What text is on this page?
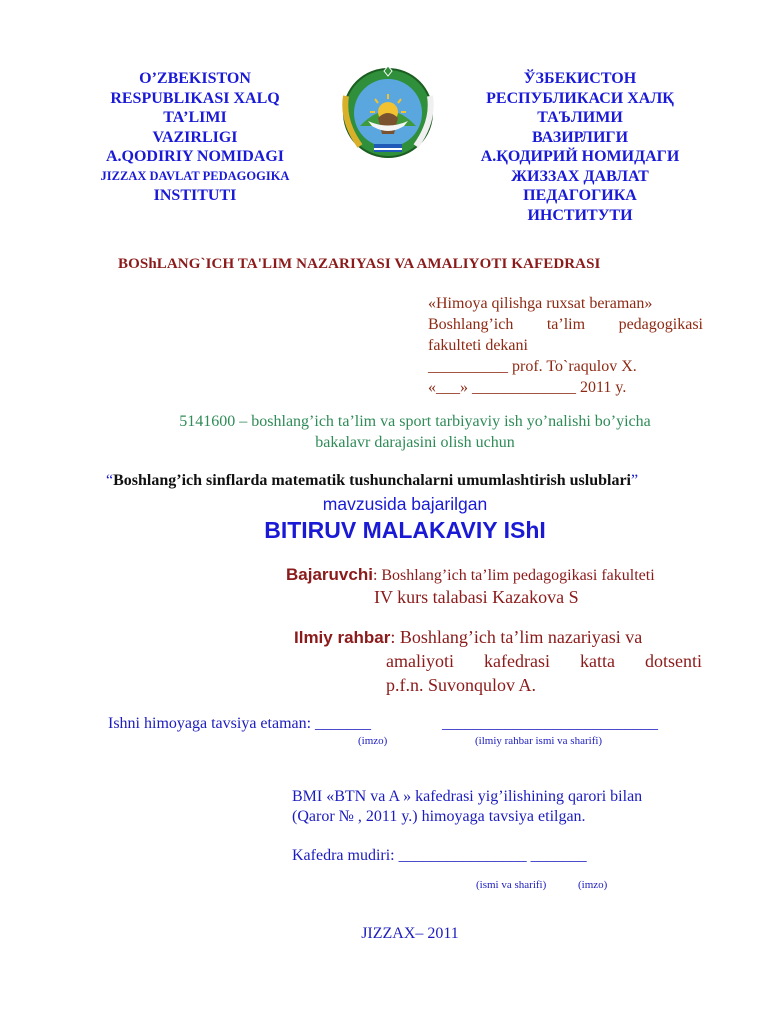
O’ZBEKISTON
RESPUBLIKASI XALQ
TA’LIMI
VAZIRLIGI
A.QODIRIY NOMIDAGI
JIZZAX DAVLAT PEDAGOGIKA
INSTITUTI
ЎЗБЕКИСТОН
РЕСПУБЛИКАСИ ХАЛҚ
ТАЪЛИМИ
ВАЗИРЛИГИ
А.ҚОДИРИЙ НОМИДАГИ
ЖИЗЗАХ ДАВЛАТ
ПЕДАГОГИКА
ИНСТИТУТИ
BOShLANG`ICH TA'LIM NAZARIYASI VA AMALIYOTI KAFEDRASI
«Himoya qilishga ruxsat beraman»
Boshlang’ich ta’lim pedagogikasi
fakulteti dekani
__________ prof. To`raqulov X.
«___» _____________ 2011 y.
5141600 – boshlang’ich ta’lim va sport tarbiyaviy ish yo’nalishi bo’yicha
bakalavr darajasini olish uchun
“Boshlang’ich sinflarda matematik tushunchalarni umumlashtirish uslublari”
mavzusida bajarilgan
BITIRUV MALAKAVIY IShI
Bajaruvchi: Boshlang’ich ta’lim pedagogikasi fakulteti
IV kurs talabasi Kazakova S
Ilmiy rahbar: Boshlang’ich ta’lim nazariyasi va
amaliyoti kafedrasi katta dotsenti
p.f.n. Suvonqulov A.
Ishni himoyaga tavsiya etaman: _______	___________________________
(imzo)	(ilmiy rahbar ismi va sharifi)
BMI «BTN va A » kafedrasi yig’ilishining qarori bilan
(Qaror № , 2011 y.) himoyaga tavsiya etilgan.
Kafedra mudiri: ________________ _______
(ismi va sharifi)	(imzo)
JIZZAX– 2011
